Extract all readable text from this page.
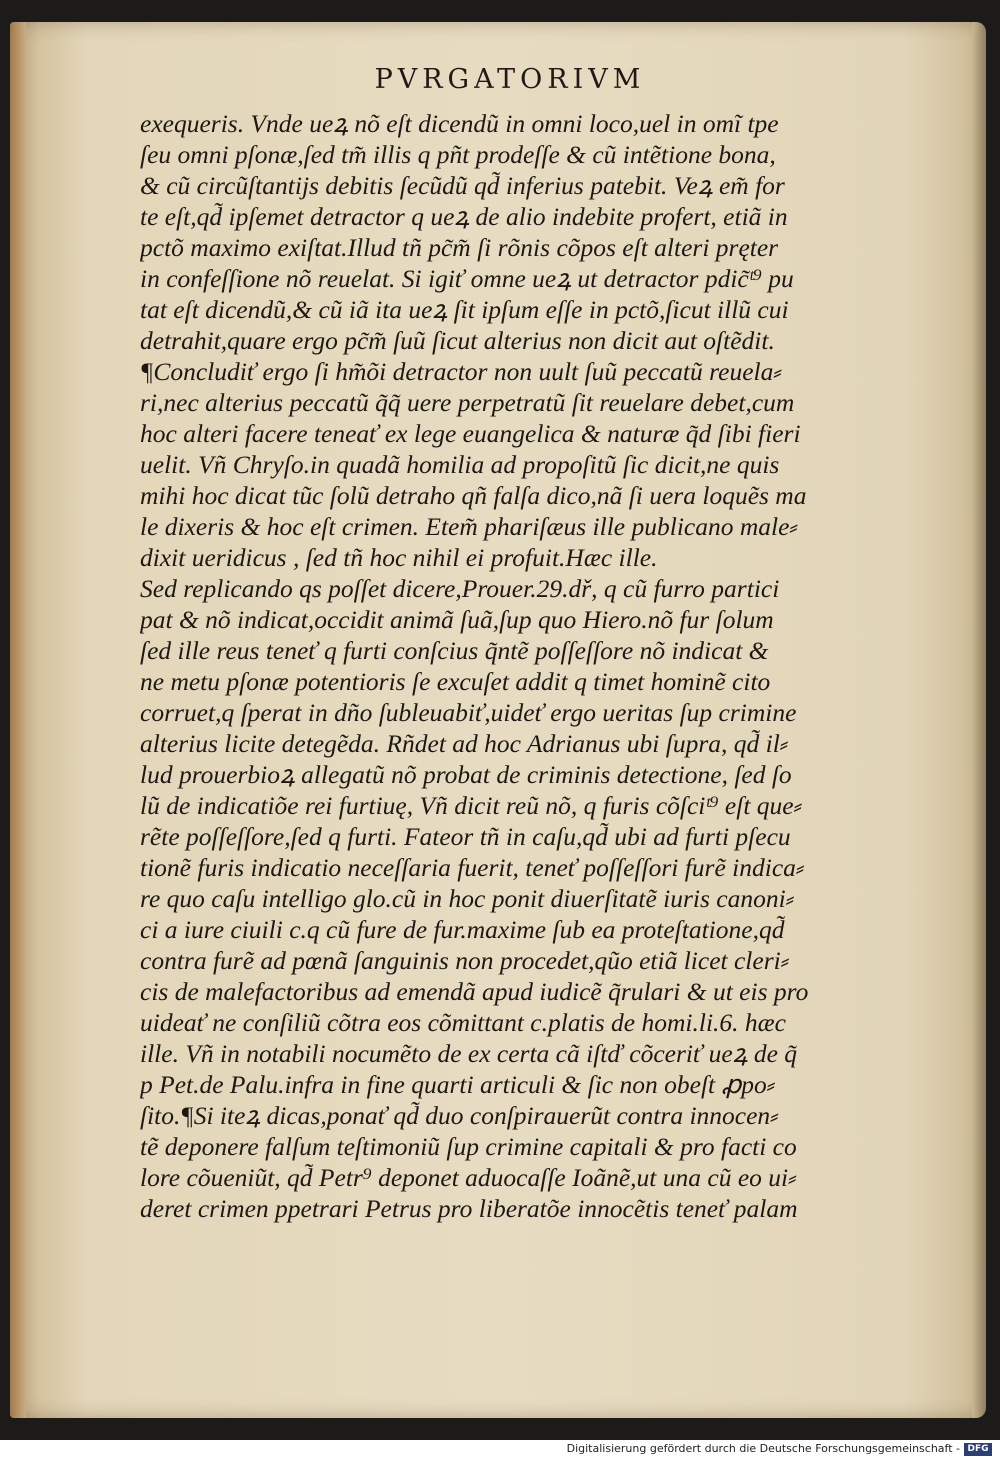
PVRGATORIVM
exequeris. Vnde ueꝝ nõ eſt dicendũ in omni loco,uel in omĩ tpe
ſeu omni pſonæ,ſed tm̃ illis q pñt prodeſſe & cũ intẽtione bona,
& cũ circũſtantijs debitis ſecũdũ qd̃ inferius patebit. Veꝝ em̃ for
te eſt,qd̃ ipſemet detractor q ueꝝ de alio indebite profert, etiã in
pctõ maximo exiſtat.Illud tñ pc̃m̃ ſi rõnis cõpos eſt alteri pręter
in confeſſione nõ reuelat. Si igiť omne ueꝝ ut detractor pdic̃ᵗ⁹ pu
tat eſt dicendũ,& cũ iã ita ueꝝ ſit ipſum eſſe in pctõ,ſicut illũ cui
detrahit,quare ergo pc̃m̃ ſuũ ſicut alterius non dicit aut oſtẽdit.
¶Concludiť ergo ſi hm̃õi detractor non uult ſuũ peccatũ reuela⸗
ri,nec alterius peccatũ q̃q̃ uere perpetratũ ſit reuelare debet,cum
hoc alteri facere teneať ex lege euangelica & naturæ q̃d ſibi fieri
uelit. Vñ Chryſo.in quadã homilia ad propoſitũ ſic dicit,ne quis
mihi hoc dicat tũc ſolũ detraho qñ falſa dico,nã ſi uera loquẽs ma
le dixeris & hoc eſt crimen. Etem̃ phariſæus ille publicano male⸗
dixit ueridicus , ſed tñ hoc nihil ei profuit.Hæc ille.
Sed replicando qs poſſet dicere,Prouer.29.dř, q cũ furro partici
pat & nõ indicat,occidit animã ſuã,ſup quo Hiero.nõ fur ſolum
ſed ille reus teneť q furti conſcius q̃ntẽ poſſeſſore nõ indicat &
ne metu pſonæ potentioris ſe excuſet addit q timet hominẽ cito
corruet,q ſperat in dño ſubleuabiť,uideť ergo ueritas ſup crimine
alterius licite detegẽda. Rñdet ad hoc Adrianus ubi ſupra, qd̃ il⸗
lud prouerbioꝝ allegatũ nõ probat de criminis detectione, ſed ſo
lũ de indicatiõe rei furtiuę, Vñ dicit reũ nõ, q furis cõſciᵗ⁹ eſt que⸗
rẽte poſſeſſore,ſed q furti. Fateor tñ in caſu,qd̃ ubi ad furti pſecu
tionẽ furis indicatio neceſſaria fuerit, teneť poſſeſſori furẽ indica⸗
re quo caſu intelligo glo.cũ in hoc ponit diuerſitatẽ iuris canoni⸗
ci a iure ciuili c.q cũ fure de fur.maxime ſub ea proteſtatione,qd̃
contra furẽ ad pœnã ſanguinis non procedet,qũo etiã licet cleri⸗
cis de malefactoribus ad emendã apud iudicẽ q̃rulari & ut eis pro
uideať ne conſiliũ cõtra eos cõmittant c.platis de homi.li.6. hæc
ille. Vñ in notabili nocumẽto de ex certa cã iſtď cõceriť ueꝝ de q̃
p Pet.de Palu.infra in fine quarti articuli & ſic non obeſt ꝓpo⸗
ſito.¶Si iteꝝ dicas,ponať qd̃ duo conſpirauerũt contra innocen⸗
tẽ deponere falſum teſtimoniũ ſup crimine capitali & pro facti co
lore cõueniũt, qd̃ Petr⁹ deponet aduocaſſe Ioãnẽ,ut una cũ eo ui⸗
deret crimen ppetrari Petrus pro liberatõe innocẽtis teneť palam
Digitalisierung gefördert durch die Deutsche Forschungsgemeinschaft - DFG
